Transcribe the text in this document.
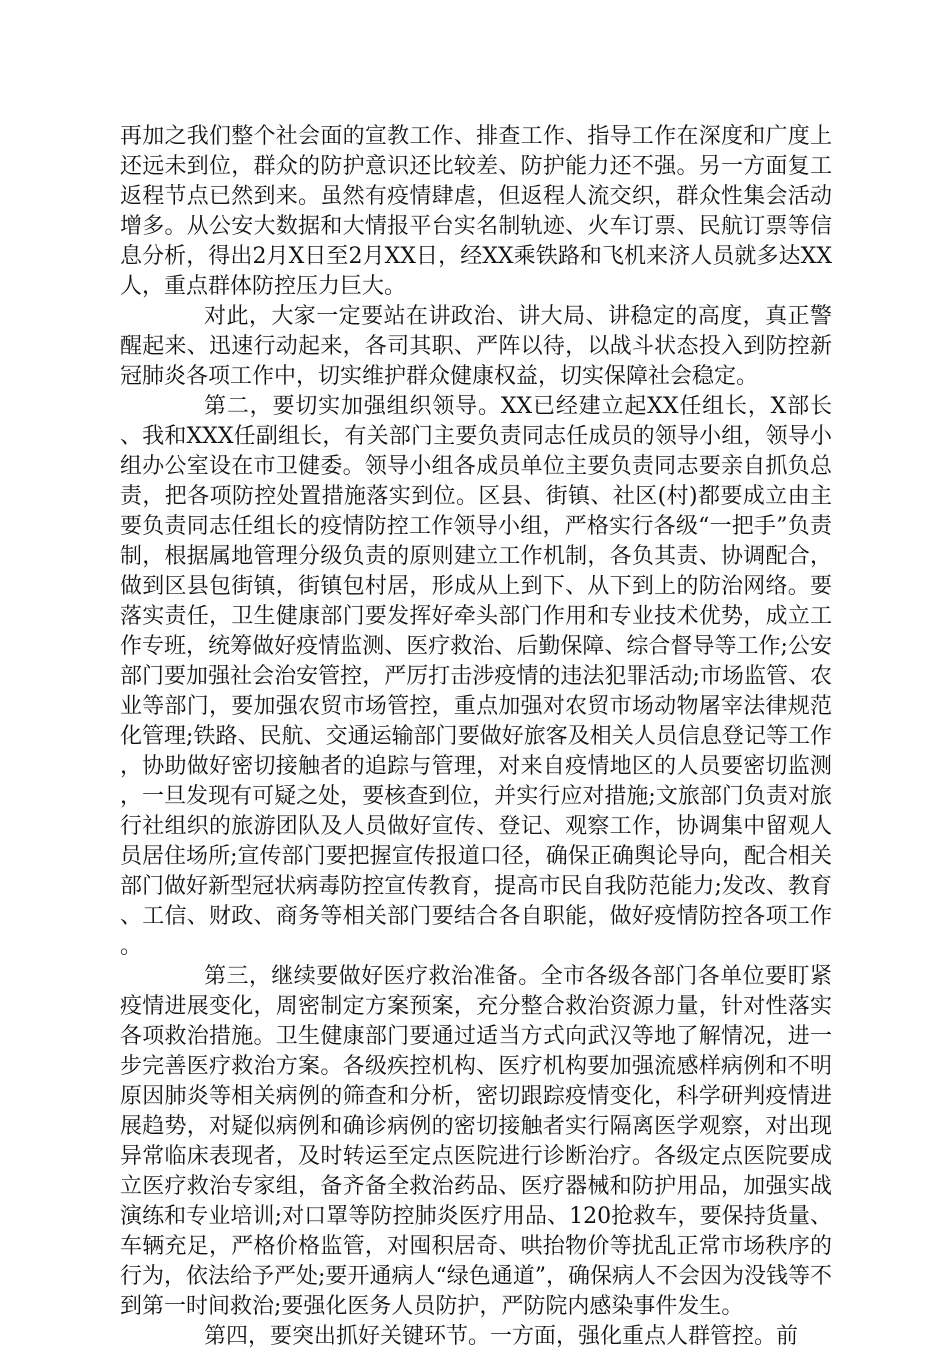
再加之我们整个社会面的宣教工作、排查工作、指导工作在深度和广度上还远未到位，群众的防护意识还比较差、防护能力还不强。另一方面复工返程节点已然到来。虽然有疫情肆虐，但返程人流交织，群众性集会活动增多。从公安大数据和大情报平台实名制轨迹、火车订票、民航订票等信息分析，得出2月X日至2月XX日，经XX乘铁路和飞机来济人员就多达XX人，重点群体防控压力巨大。

对此，大家一定要站在讲政治、讲大局、讲稳定的高度，真正警醒起来、迅速行动起来，各司其职、严阵以待，以战斗状态投入到防控新冠肺炎各项工作中，切实维护群众健康权益，切实保障社会稳定。

第二，要切实加强组织领导。XX已经建立起XX任组长，X部长、我和XXX任副组长，有关部门主要负责同志任成员的领导小组，领导小组办公室设在市卫健委。领导小组各成员单位主要负责同志要亲自抓负总责，把各项防控处置措施落实到位。区县、街镇、社区(村)都要成立由主要负责同志任组长的疫情防控工作领导小组，严格实行各级“一把手”负责制，根据属地管理分级负责的原则建立工作机制，各负其责、协调配合，做到区县包街镇，街镇包村居，形成从上到下、从下到上的防治网络。要落实责任，卫生健康部门要发挥好牵头部门作用和专业技术优势，成立工作专班，统筹做好疫情监测、医疗救治、后勤保障、综合督导等工作;公安部门要加强社会治安管控，严厉打击涉疫情的违法犯罪活动;市场监管、农业等部门，要加强农贸市场管控，重点加强对农贸市场动物屠宰法律规范化管理;铁路、民航、交通运输部门要做好旅客及相关人员信息登记等工作，协助做好密切接触者的追踪与管理，对来自疫情地区的人员要密切监测，一旦发现有可疑之处，要核查到位，并实行应对措施;文旅部门负责对旅行社组织的旅游团队及人员做好宣传、登记、观察工作，协调集中留观人员居住场所;宣传部门要把握宣传报道口径，确保正确舆论导向，配合相关部门做好新型冠状病毒防控宣传教育，提高市民自我防范能力;发改、教育、工信、财政、商务等相关部门要结合各自职能，做好疫情防控各项工作。

第三，继续要做好医疗救治准备。全市各级各部门各单位要盯紧疫情进展变化，周密制定方案预案，充分整合救治资源力量，针对性落实各项救治措施。卫生健康部门要通过适当方式向武汉等地了解情况，进一步完善医疗救治方案。各级疾控机构、医疗机构要加强流感样病例和不明原因肺炎等相关病例的筛查和分析，密切跟踪疫情变化，科学研判疫情进展趋势，对疑似病例和确诊病例的密切接触者实行隔离医学观察，对出现异常临床表现者，及时转运至定点医院进行诊断治疗。各级定点医院要成立医疗救治专家组，备齐备全救治药品、医疗器械和防护用品，加强实战演练和专业培训;对口罩等防控肺炎医疗用品、120抢救车，要保持货量、车辆充足，严格价格监管，对囤积居奇、哄抬物价等扰乱正常市场秩序的行为，依法给予严处;要开通病人“绿色通道”，确保病人不会因为没钱等不到第一时间救治;要强化医务人员防护，严防院内感染事件发生。

第四，要突出抓好关键环节。一方面，强化重点人群管控。前
